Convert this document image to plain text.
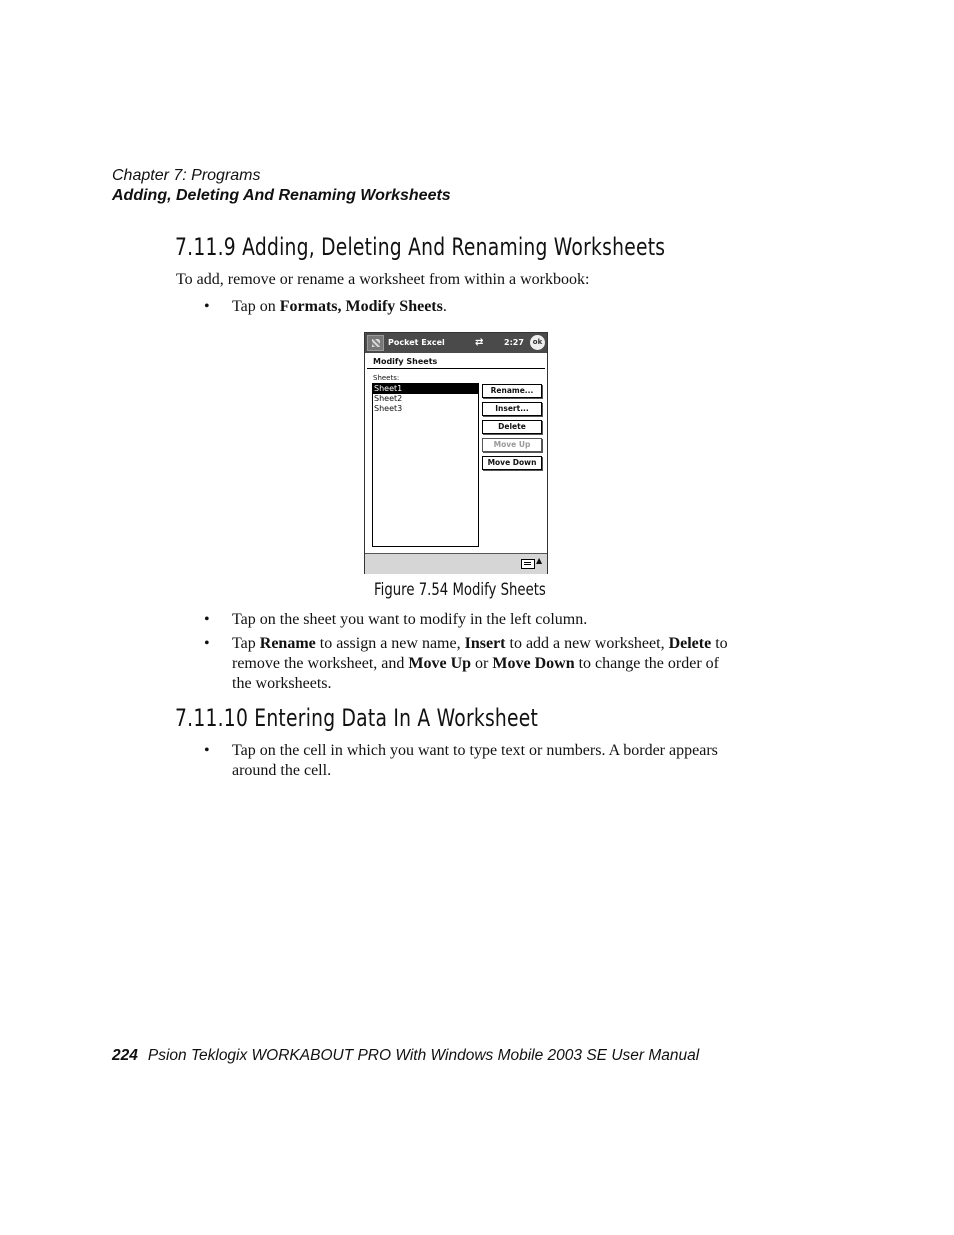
Chapter 7: Programs
Adding, Deleting And Renaming Worksheets
7.11.9 Adding, Deleting And Renaming Worksheets
To add, remove or rename a worksheet from within a workbook:
• Tap on Formats, Modify Sheets.
Pocket Excel	⇄	2:27	ok
Modify Sheets
Sheets:
Sheet1
Sheet2
Sheet3
Rename...
Insert...
Delete
Move Up
Move Down
▲
Figure 7.54 Modify Sheets
• Tap on the sheet you want to modify in the left column.
• Tap Rename to assign a new name, Insert to add a new worksheet, Delete to remove the worksheet, and Move Up or Move Down to change the order of the worksheets.
7.11.10 Entering Data In A Worksheet
• Tap on the cell in which you want to type text or numbers. A border appears around the cell.
224 Psion Teklogix WORKABOUT PRO With Windows Mobile 2003 SE User Manual
